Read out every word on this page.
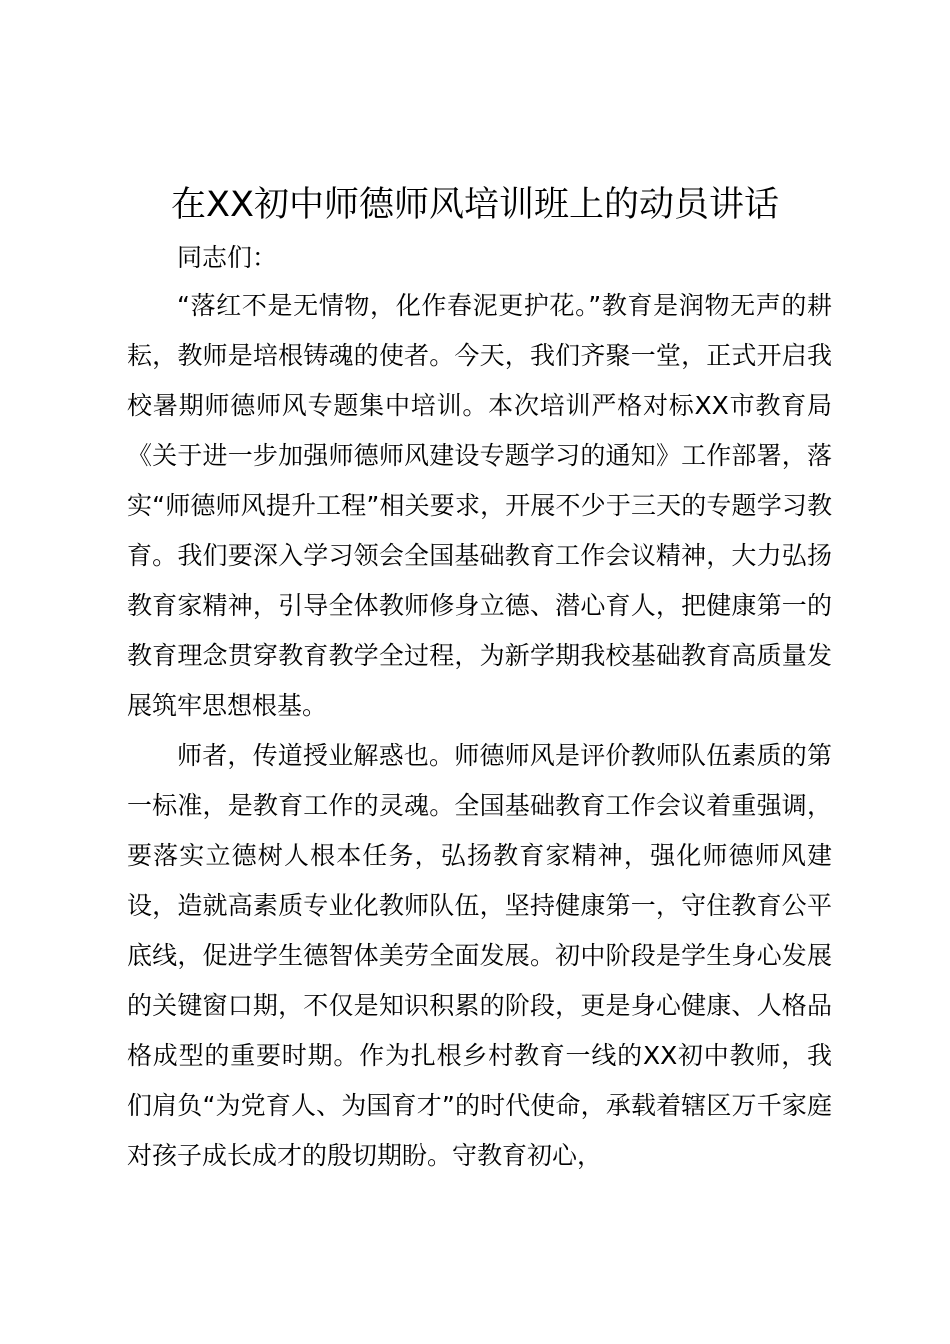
在XX初中师德师风培训班上的动员讲话

同志们：

“落红不是无情物，化作春泥更护花。”教育是润物无声的耕耘，教师是培根铸魂的使者。今天，我们齐聚一堂，正式开启我校暑期师德师风专题集中培训。本次培训严格对标XX市教育局《关于进一步加强师德师风建设专题学习的通知》工作部署，落实“师德师风提升工程”相关要求，开展不少于三天的专题学习教育。我们要深入学习领会全国基础教育工作会议精神，大力弘扬教育家精神，引导全体教师修身立德、潜心育人，把健康第一的教育理念贯穿教育教学全过程，为新学期我校基础教育高质量发展筑牢思想根基。

师者，传道授业解惑也。师德师风是评价教师队伍素质的第一标准，是教育工作的灵魂。全国基础教育工作会议着重强调，要落实立德树人根本任务，弘扬教育家精神，强化师德师风建设，造就高素质专业化教师队伍，坚持健康第一，守住教育公平底线，促进学生德智体美劳全面发展。初中阶段是学生身心发展的关键窗口期，不仅是知识积累的阶段，更是身心健康、人格品格成型的重要时期。作为扎根乡村教育一线的XX初中教师，我们肩负“为党育人、为国育才”的时代使命，承载着辖区万千家庭对孩子成长成才的殷切期盼。守教育初心，
